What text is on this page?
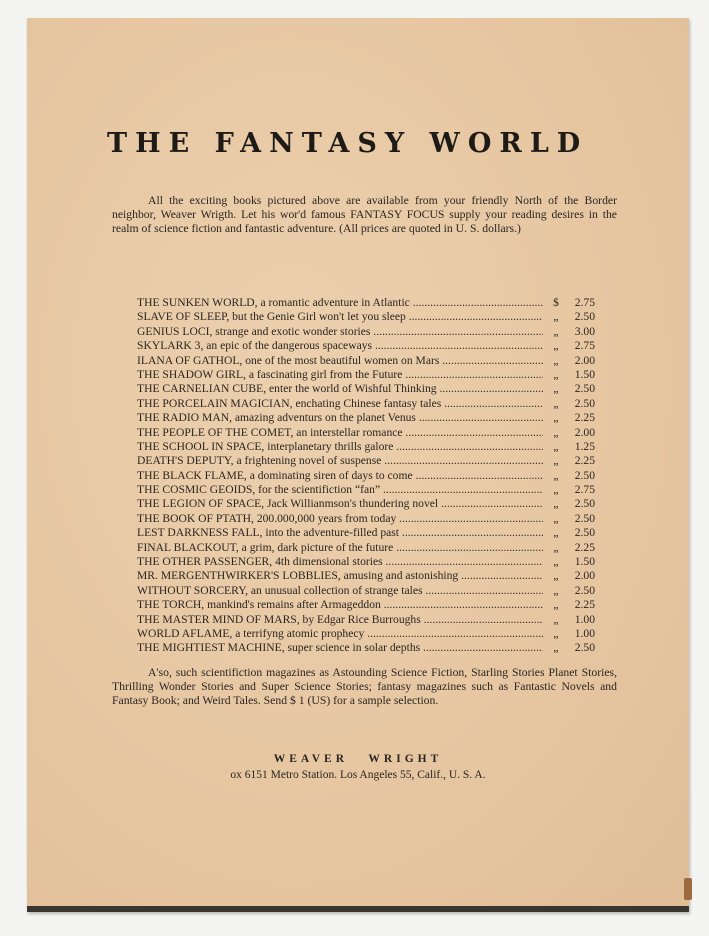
THE FANTASY WORLD

All the exciting books pictured above are available from your friendly North of the Border neighbor, Weaver Wrigth. Let his wor'd famous FANTASY FOCUS supply your reading desires in the realm of science fiction and fantastic adventure. (All prices are quoted in U. S. dollars.)

THE SUNKEN WORLD, a romantic adventure in Atlantic .....	$	2.75
SLAVE OF SLEEP, but the Genie Girl won't let you sleep .....	„	2.50
GENIUS LOCI, strange and exotic wonder stories .....	„	3.00
SKYLARK 3, an epic of the dangerous spaceways .....	„	2.75
ILANA OF GATHOL, one of the most beautiful women on Mars .....	„	2.00
THE SHADOW GIRL, a fascinating girl from the Future .....	„	1.50
THE CARNELIAN CUBE, enter the world of Wishful Thinking .....	„	2.50
THE PORCELAIN MAGICIAN, enchating Chinese fantasy tales .....	„	2.50
THE RADIO MAN, amazing adventurs on the planet Venus .....	„	2.25
THE PEOPLE OF THE COMET, an interstellar romance .....	„	2.00
THE SCHOOL IN SPACE, interplanetary thrills galore .....	„	1.25
DEATH'S DEPUTY, a frightening novel of suspense .....	„	2.25
THE BLACK FLAME, a dominating siren of days to come .....	„	2.50
THE COSMIC GEOIDS, for the scientifiction “fan” .....	„	2.75
THE LEGION OF SPACE, Jack Willianmson's thundering novel .....	„	2.50
THE BOOK OF PTATH, 200.000,000 years from today .....	„	2.50
LEST DARKNESS FALL, into the adventure-filled past .....	„	2.50
FINAL BLACKOUT, a grim, dark picture of the future .....	„	2.25
THE OTHER PASSENGER, 4th dimensional stories .....	„	1.50
MR. MERGENTHWIRKER'S LOBBLIES, amusing and astonishing .....	„	2.00
WITHOUT SORCERY, an unusual collection of strange tales .....	„	2.50
THE TORCH, mankind's remains after Armageddon .....	„	2.25
THE MASTER MIND OF MARS, by Edgar Rice Burroughs .....	„	1.00
WORLD AFLAME, a terrifyng atomic prophecy .....	„	1.00
THE MIGHTIEST MACHINE, super science in solar depths .....	„	2.50

A'so, such scientifiction magazines as Astounding Science Fiction, Starling Stories Planet Stories, Thrilling Wonder Stories and Super Science Stories; fantasy magazines such as Fantastic Novels and Fantasy Book; and Weird Tales. Send $ 1 (US) for a sample selection.

WEAVER   WRIGHT
ox 6151 Metro Station. Los Angeles 55, Calif., U. S. A.
